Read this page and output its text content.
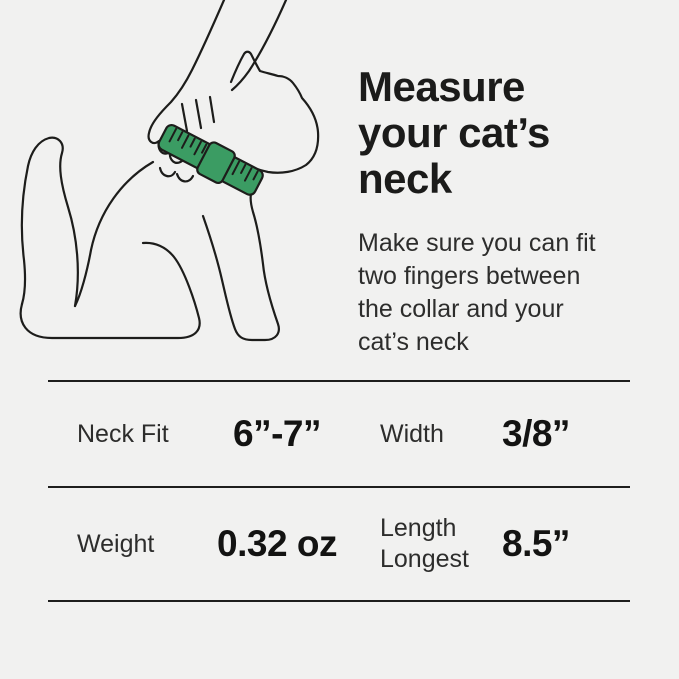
Measure
your cat’s neck

Make sure you can fit
two fingers between
the collar and your
cat’s neck

Neck Fit	6”-7”	Width	3/8”
Weight	0.32 oz	Length Longest 8.5”
